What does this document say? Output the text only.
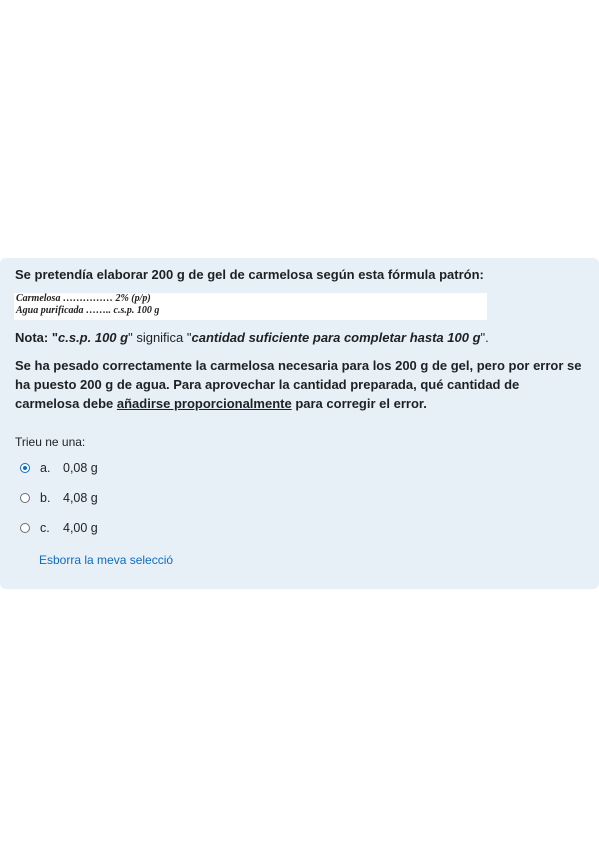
Se pretendía elaborar 200 g de gel de carmelosa según esta fórmula patrón:
Carmelosa …………… 2% (p/p)
Agua purificada …….. c.s.p. 100 g
Nota: "c.s.p. 100 g" significa "cantidad suficiente para completar hasta 100 g".
Se ha pesado correctamente la carmelosa necesaria para los 200 g de gel, pero por error se ha puesto 200 g de agua. Para aprovechar la cantidad preparada, qué cantidad de carmelosa debe añadirse proporcionalmente para corregir el error.
Trieu ne una:
a.	0,08 g
b.	4,08 g
c.	4,00 g
Esborra la meva selecció
